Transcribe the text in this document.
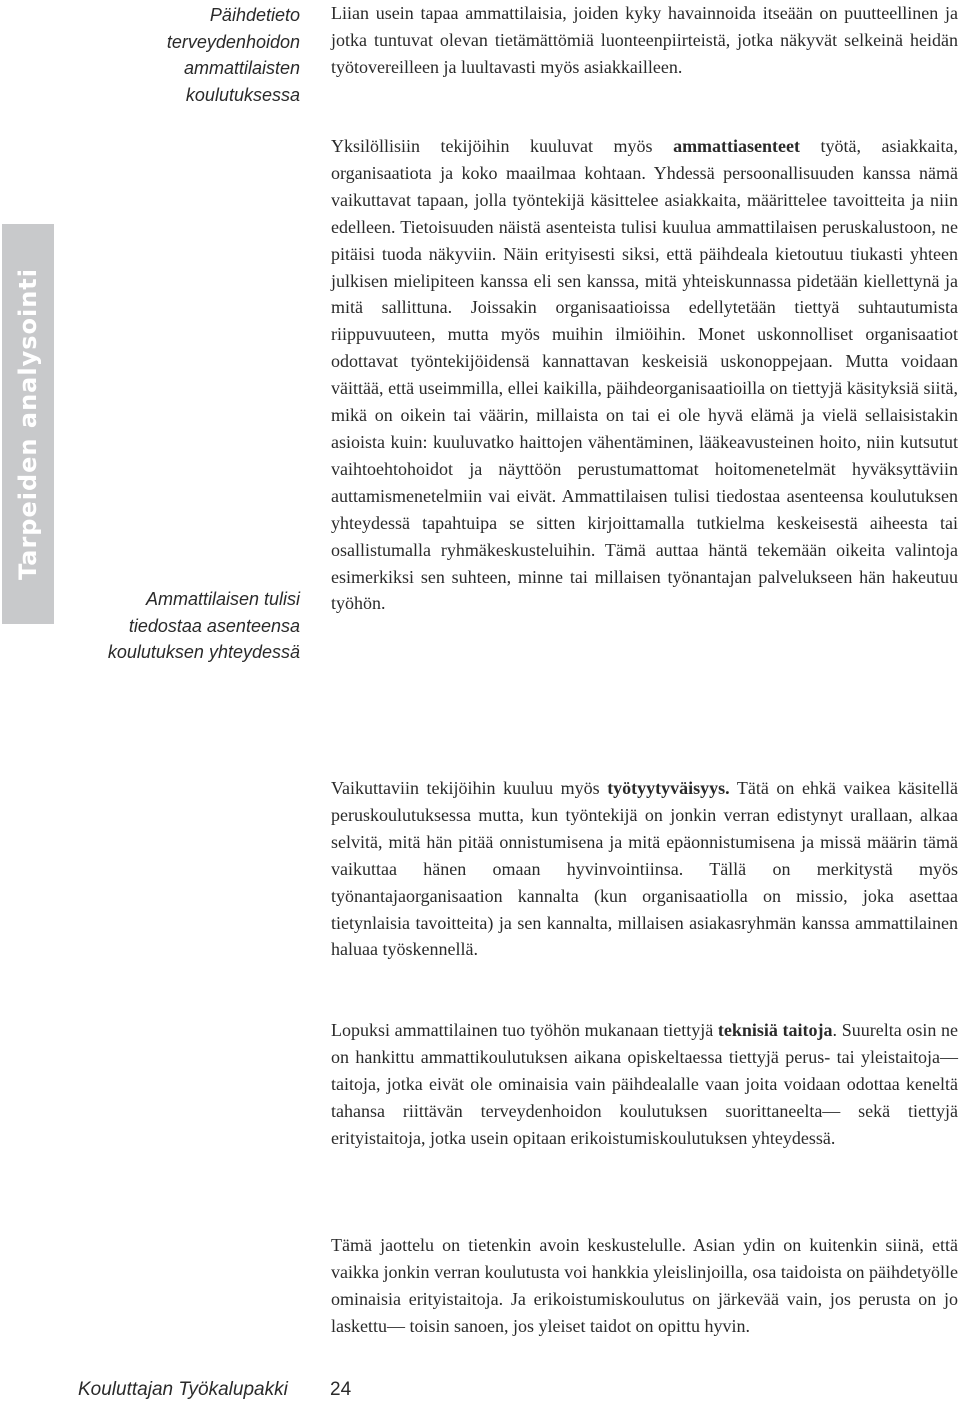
Päihdetieto terveydenhoidon ammattilaisten koulutuksessa
Tarpeiden analysointi
Ammattilaisen tulisi tiedostaa asenteensa koulutuksen yhteydessä

Liian usein tapaa ammattilaisia, joiden kyky havainnoida itseään on puutteellinen ja jotka tuntuvat olevan tietämättömiä luonteenpiirteistä, jotka näkyvät selkeinä heidän työtovereilleen ja luultavasti myös asiakkailleen.

Yksilöllisiin tekijöihin kuuluvat myös ammattiasenteet työtä, asiakkaita, organisaatiota ja koko maailmaa kohtaan. Yhdessä persoonallisuuden kanssa nämä vaikuttavat tapaan, jolla työntekijä käsittelee asiakkaita, määrittelee tavoitteita ja niin edelleen. Tietoisuuden näistä asenteista tulisi kuulua ammattilaisen peruskalustoon, ne pitäisi tuoda näkyviin. Näin erityisesti siksi, että päihdeala kietoutuu tiukasti yhteen julkisen mielipiteen kanssa eli sen kanssa, mitä yhteiskunnassa pidetään kiellettynä ja mitä sallittuna. Joissakin organisaatioissa edellytetään tiettyä suhtautumista riippuvuuteen, mutta myös muihin ilmiöihin. Monet uskonnolliset organisaatiot odottavat työntekijöidensä kannattavan keskeisiä uskonoppejaan. Mutta voidaan väittää, että useimmilla, ellei kaikilla, päihdeorganisaatioilla on tiettyjä käsityksiä siitä, mikä on oikein tai väärin, millaista on tai ei ole hyvä elämä ja vielä sellaisistakin asioista kuin: kuuluvatko haittojen vähentäminen, lääkeavusteinen hoito, niin kutsutut vaihtoehtohoidot ja näyttöön perustumattomat hoitomenetelmät hyväksyttäviin auttamismenetelmiin vai eivät. Ammattilaisen tulisi tiedostaa asenteensa koulutuksen yhteydessä tapahtuipa se sitten kirjoittamalla tutkielma keskeisestä aiheesta tai osallistumalla ryhmäkeskusteluihin. Tämä auttaa häntä tekemään oikeita valintoja esimerkiksi sen suhteen, minne tai millaisen työnantajan palvelukseen hän hakeutuu työhön.

Vaikuttaviin tekijöihin kuuluu myös työtyytyväisyys. Tätä on ehkä vaikea käsitellä peruskoulutuksessa mutta, kun työntekijä on jonkin verran edistynyt urallaan, alkaa selvitä, mitä hän pitää onnistumisena ja mitä epäonnistumisena ja missä määrin tämä vaikuttaa hänen omaan hyvinvointiinsa. Tällä on merkitystä myös työnantajaorganisaation kannalta (kun organisaatiolla on missio, joka asettaa tietynlaisia tavoitteita) ja sen kannalta, millaisen asiakasryhmän kanssa ammattilainen haluaa työskennellä.

Lopuksi ammattilainen tuo työhön mukanaan tiettyjä teknisiä taitoja. Suurelta osin ne on hankittu ammattikoulutuksen aikana opiskeltaessa tiettyjä perus- tai yleistaitoja—taitoja, jotka eivät ole ominaisia vain päihdealalle vaan joita voidaan odottaa keneltä tahansa riittävän terveydenhoidon koulutuksen suorittaneelta— sekä tiettyjä erityistaitoja, jotka usein opitaan erikoistumiskoulutuksen yhteydessä.

Tämä jaottelu on tietenkin avoin keskustelulle. Asian ydin on kuitenkin siinä, että vaikka jonkin verran koulutusta voi hankkia yleislinjoilla, osa taidoista on päihdetyölle ominaisia erityistaitoja. Ja erikoistumiskoulutus on järkevää vain, jos perusta on jo laskettu— toisin sanoen, jos yleiset taidot on opittu hyvin.

Kouluttajan Työkalupakki 24
